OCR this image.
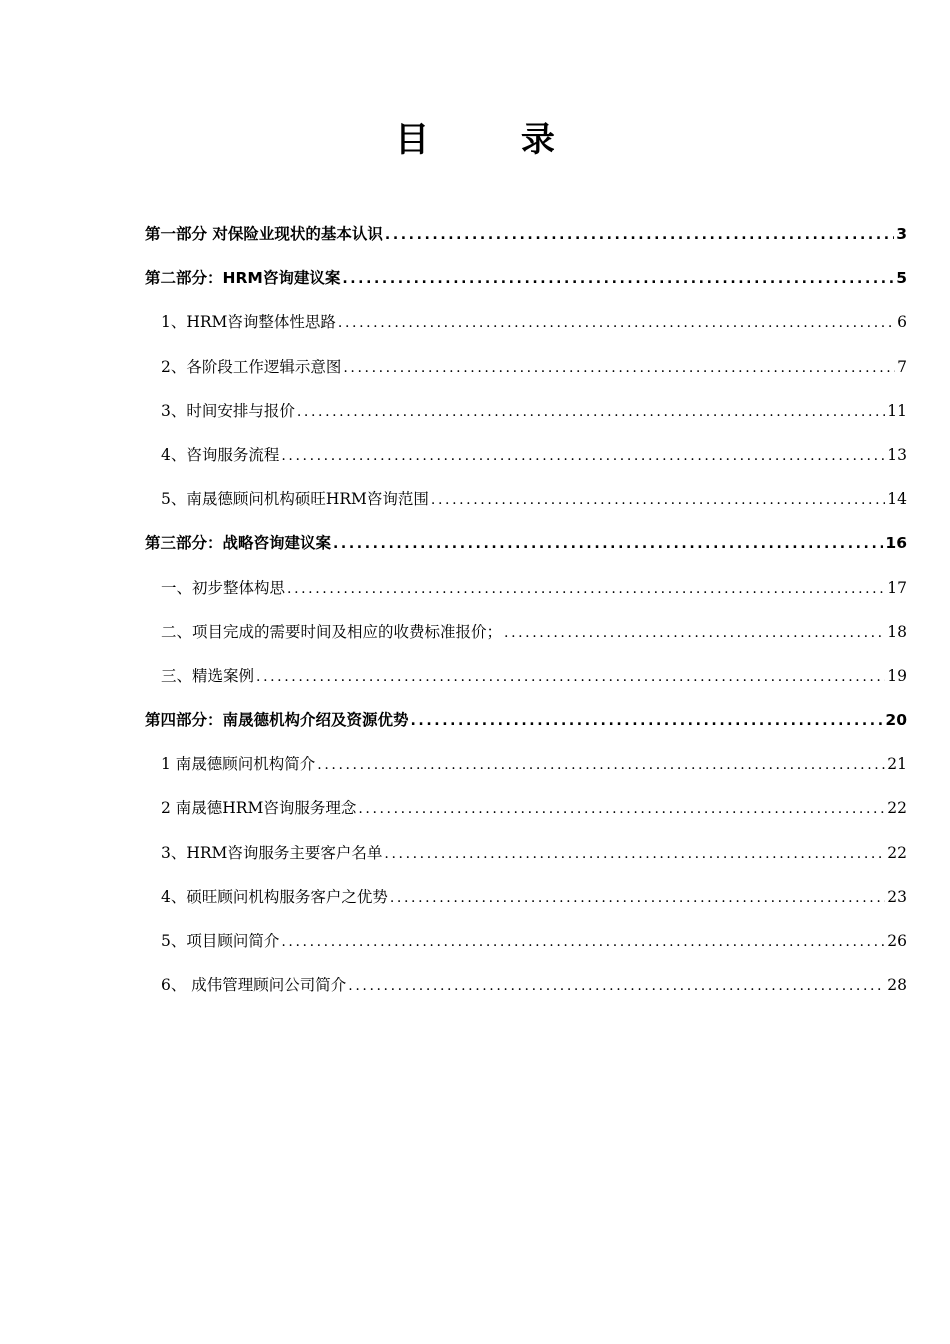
目 录
第一部分 对保险业现状的基本认识 .....	3
第二部分：HRM咨询建议案 .....	5
1、HRM咨询整体性思路 .....	6
2、各阶段工作逻辑示意图 .....	7
3、时间安排与报价 .....	11
4、咨询服务流程 .....	13
5、南晟德顾问机构硕旺HRM咨询范围 .....	14
第三部分：战略咨询建议案 .....	16
一、初步整体构思 .....	17
二、项目完成的需要时间及相应的收费标准报价； .....	18
三、精选案例 .....	19
第四部分：南晟德机构介绍及资源优势 .....	20
1 南晟德顾问机构简介 .....	21
2 南晟德HRM咨询服务理念 .....	22
3、HRM咨询服务主要客户名单 .....	22
4、硕旺顾问机构服务客户之优势 .....	23
5、项目顾问简介 .....	26
6、 成伟管理顾问公司简介 .....	28
